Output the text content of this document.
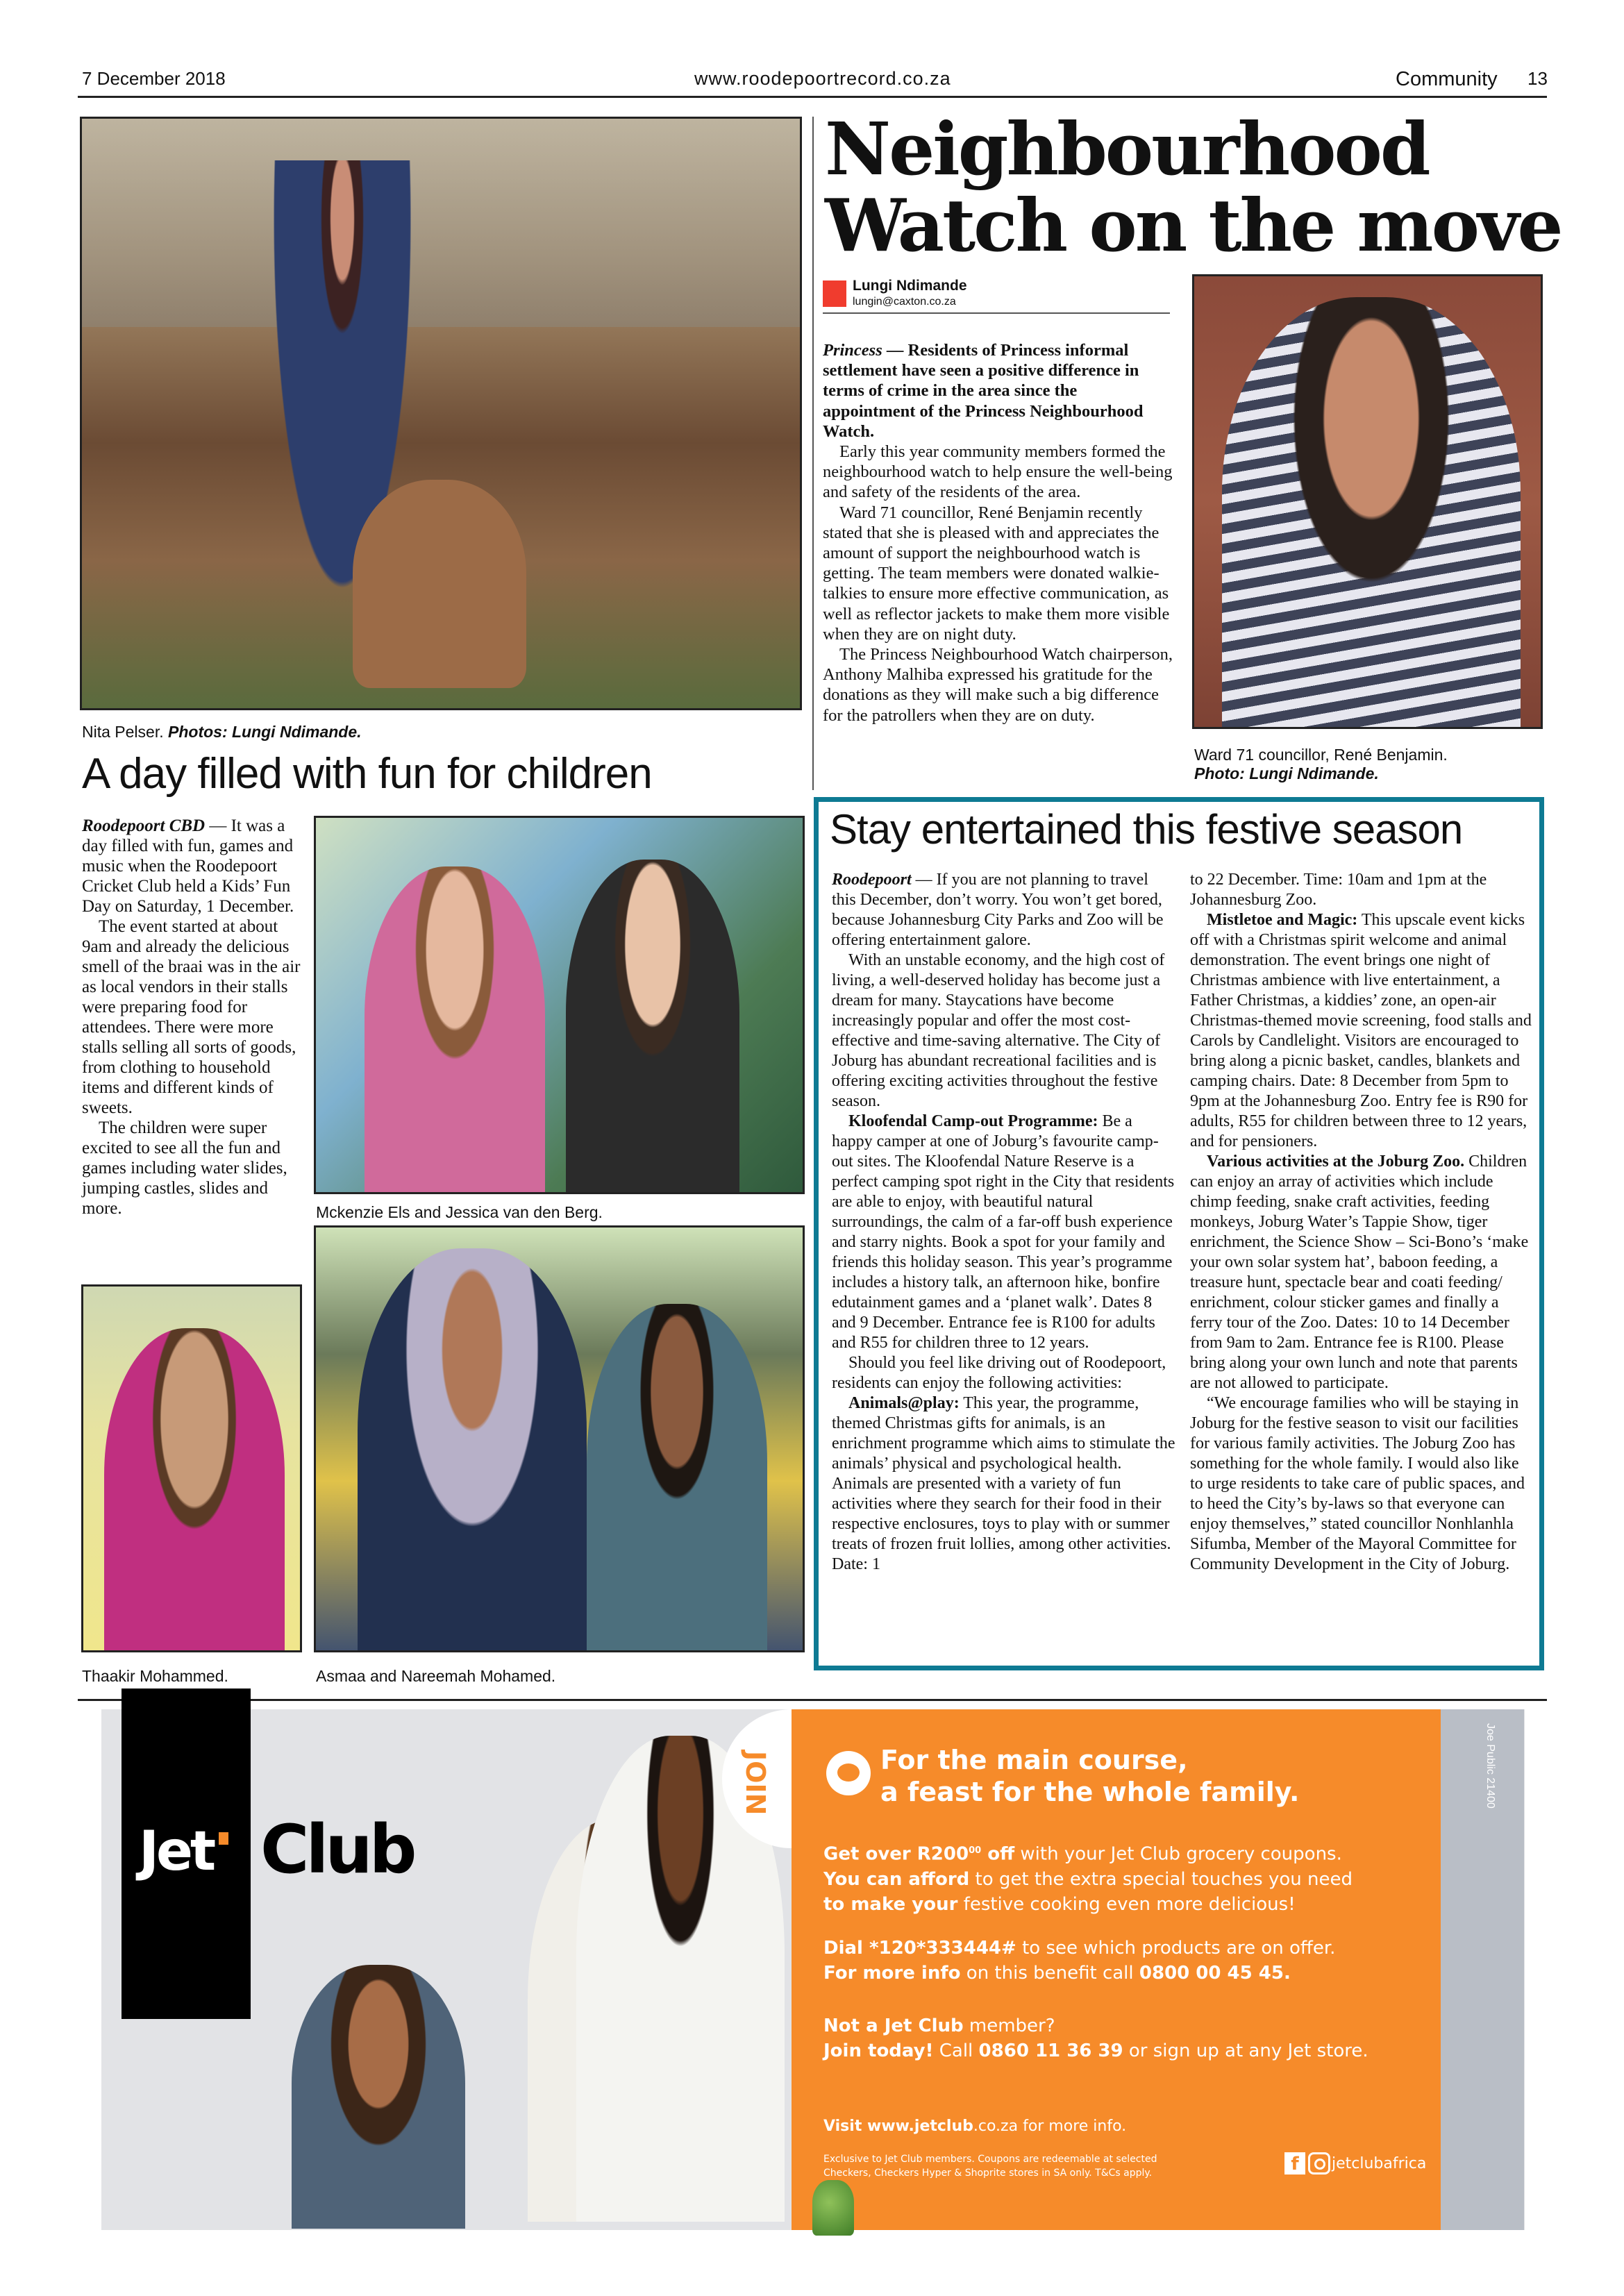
7 December 2018	www.roodepoortrecord.co.za	Community 13
Nita Pelser. Photos: Lungi Ndimande.
A day filled with fun for children

Roodepoort CBD — It was a day filled with fun, games and music when the Roodepoort Cricket Club held a Kids’ Fun Day on Saturday, 1 December.

The event started at about 9am and already the delicious smell of the braai was in the air as local vendors in their stalls were preparing food for attendees. There were more stalls selling all sorts of goods, from clothing to household items and different kinds of sweets.

The children were super excited to see all the fun and games including water slides, jumping castles, slides and more.	Mckenzie Els and Jessica van den Berg.
Thaakir Mohammed.	Asmaa and Nareemah Mohamed.
Neighbourhood
Watch on the move
Lungi Ndimande
lungin@caxton.co.za

Princess — Residents of Princess informal settlement have seen a positive difference in terms of crime in the area since the appointment of the Princess Neighbourhood Watch.

Early this year community members formed the neighbourhood watch to help ensure the well-being and safety of the residents of the area.

Ward 71 councillor, René Benjamin recently stated that she is pleased with and appreciates the amount of support the neighbourhood watch is getting. The team members were donated walkie-talkies to ensure more effective communication, as well as reflector jackets to make them more visible when they are on night duty.

The Princess Neighbourhood Watch chairperson, Anthony Malhiba expressed his gratitude for the donations as they will make such a big difference for the patrollers when they are on duty.

Ward 71 councillor, René Benjamin.
Photo: Lungi Ndimande.
Stay entertained this festive season

Roodepoort — If you are not planning to travel this December, don’t worry. You won’t get bored, because Johannesburg City Parks and Zoo will be offering entertainment galore.

With an unstable economy, and the high cost of living, a well-deserved holiday has become just a dream for many. Staycations have become increasingly popular and offer the most cost-effective and time-saving alternative. The City of Joburg has abundant recreational facilities and is offering exciting activities throughout the festive season.

Kloofendal Camp-out Programme: Be a happy camper at one of Joburg’s favourite camp-out sites. The Kloofendal Nature Reserve is a perfect camping spot right in the City that residents are able to enjoy, with beautiful natural surroundings, the calm of a far-off bush experience and starry nights. Book a spot for your family and friends this holiday season. This year’s programme includes a history talk, an afternoon hike, bonfire edutainment games and a ‘planet walk’. Dates 8 and 9 December. Entrance fee is R100 for adults and R55 for children three to 12 years.

Should you feel like driving out of Roodepoort, residents can enjoy the following activities:

Animals@play: This year, the programme, themed Christmas gifts for animals, is an enrichment programme which aims to stimulate the animals’ physical and psychological health. Animals are presented with a variety of fun activities where they search for their food in their respective enclosures, toys to play with or summer treats of frozen fruit lollies, among other activities. Date: 1

to 22 December. Time: 10am and 1pm at the Johannesburg Zoo.

Mistletoe and Magic: This upscale event kicks off with a Christmas spirit welcome and animal demonstration. The event brings one night of Christmas ambience with live entertainment, a Father Christmas, a kiddies’ zone, an open-air Christmas-themed movie screening, food stalls and Carols by Candlelight. Visitors are encouraged to bring along a picnic basket, candles, blankets and camping chairs. Date: 8 December from 5pm to 9pm at the Johannesburg Zoo. Entry fee is R90 for adults, R55 for children between three to 12 years, and for pensioners.

Various activities at the Joburg Zoo. Children can enjoy an array of activities which include chimp feeding, snake craft activities, feeding monkeys, Joburg Water’s Tappie Show, tiger enrichment, the Science Show – Sci-Bono’s ‘make your own solar system hat’, baboon feeding, a treasure hunt, spectacle bear and coati feeding/ enrichment, colour sticker games and finally a ferry tour of the Zoo. Dates: 10 to 14 December from 9am to 2am. Entrance fee is R100. Please bring along your own lunch and note that parents are not allowed to participate.

“We encourage families who will be staying in Joburg for the festive season to visit our facilities for various family activities. The Joburg Zoo has something for the whole family. I would also like to urge residents to take care of public spaces, and to heed the City’s by-laws so that everyone can enjoy themselves,” stated councillor Nonhlanhla Sifumba, Member of the Mayoral Committee for Community Development in the City of Joburg.

Jet Club
JOIN	Joe Public 21400
For the main course,
a feast for the whole family.
Get over $R200^{00}$ off with your Jet Club grocery coupons.
You can afford to get the extra special touches you need
to make your festive cooking even more delicious!
Dial *120*333444# to see which products are on offer.
For more info on this benefit call 0800 00 45 45.
Not a Jet Club member?
Join today! Call 0860 11 36 39 or sign up at any Jet store.
Visit www.jetclub.co.za for more info.
Exclusive to Jet Club members. Coupons are redeemable at selected
Checkers, Checkers Hyper & Shoprite stores in SA only. T&Cs apply.	f	jetclubafrica
